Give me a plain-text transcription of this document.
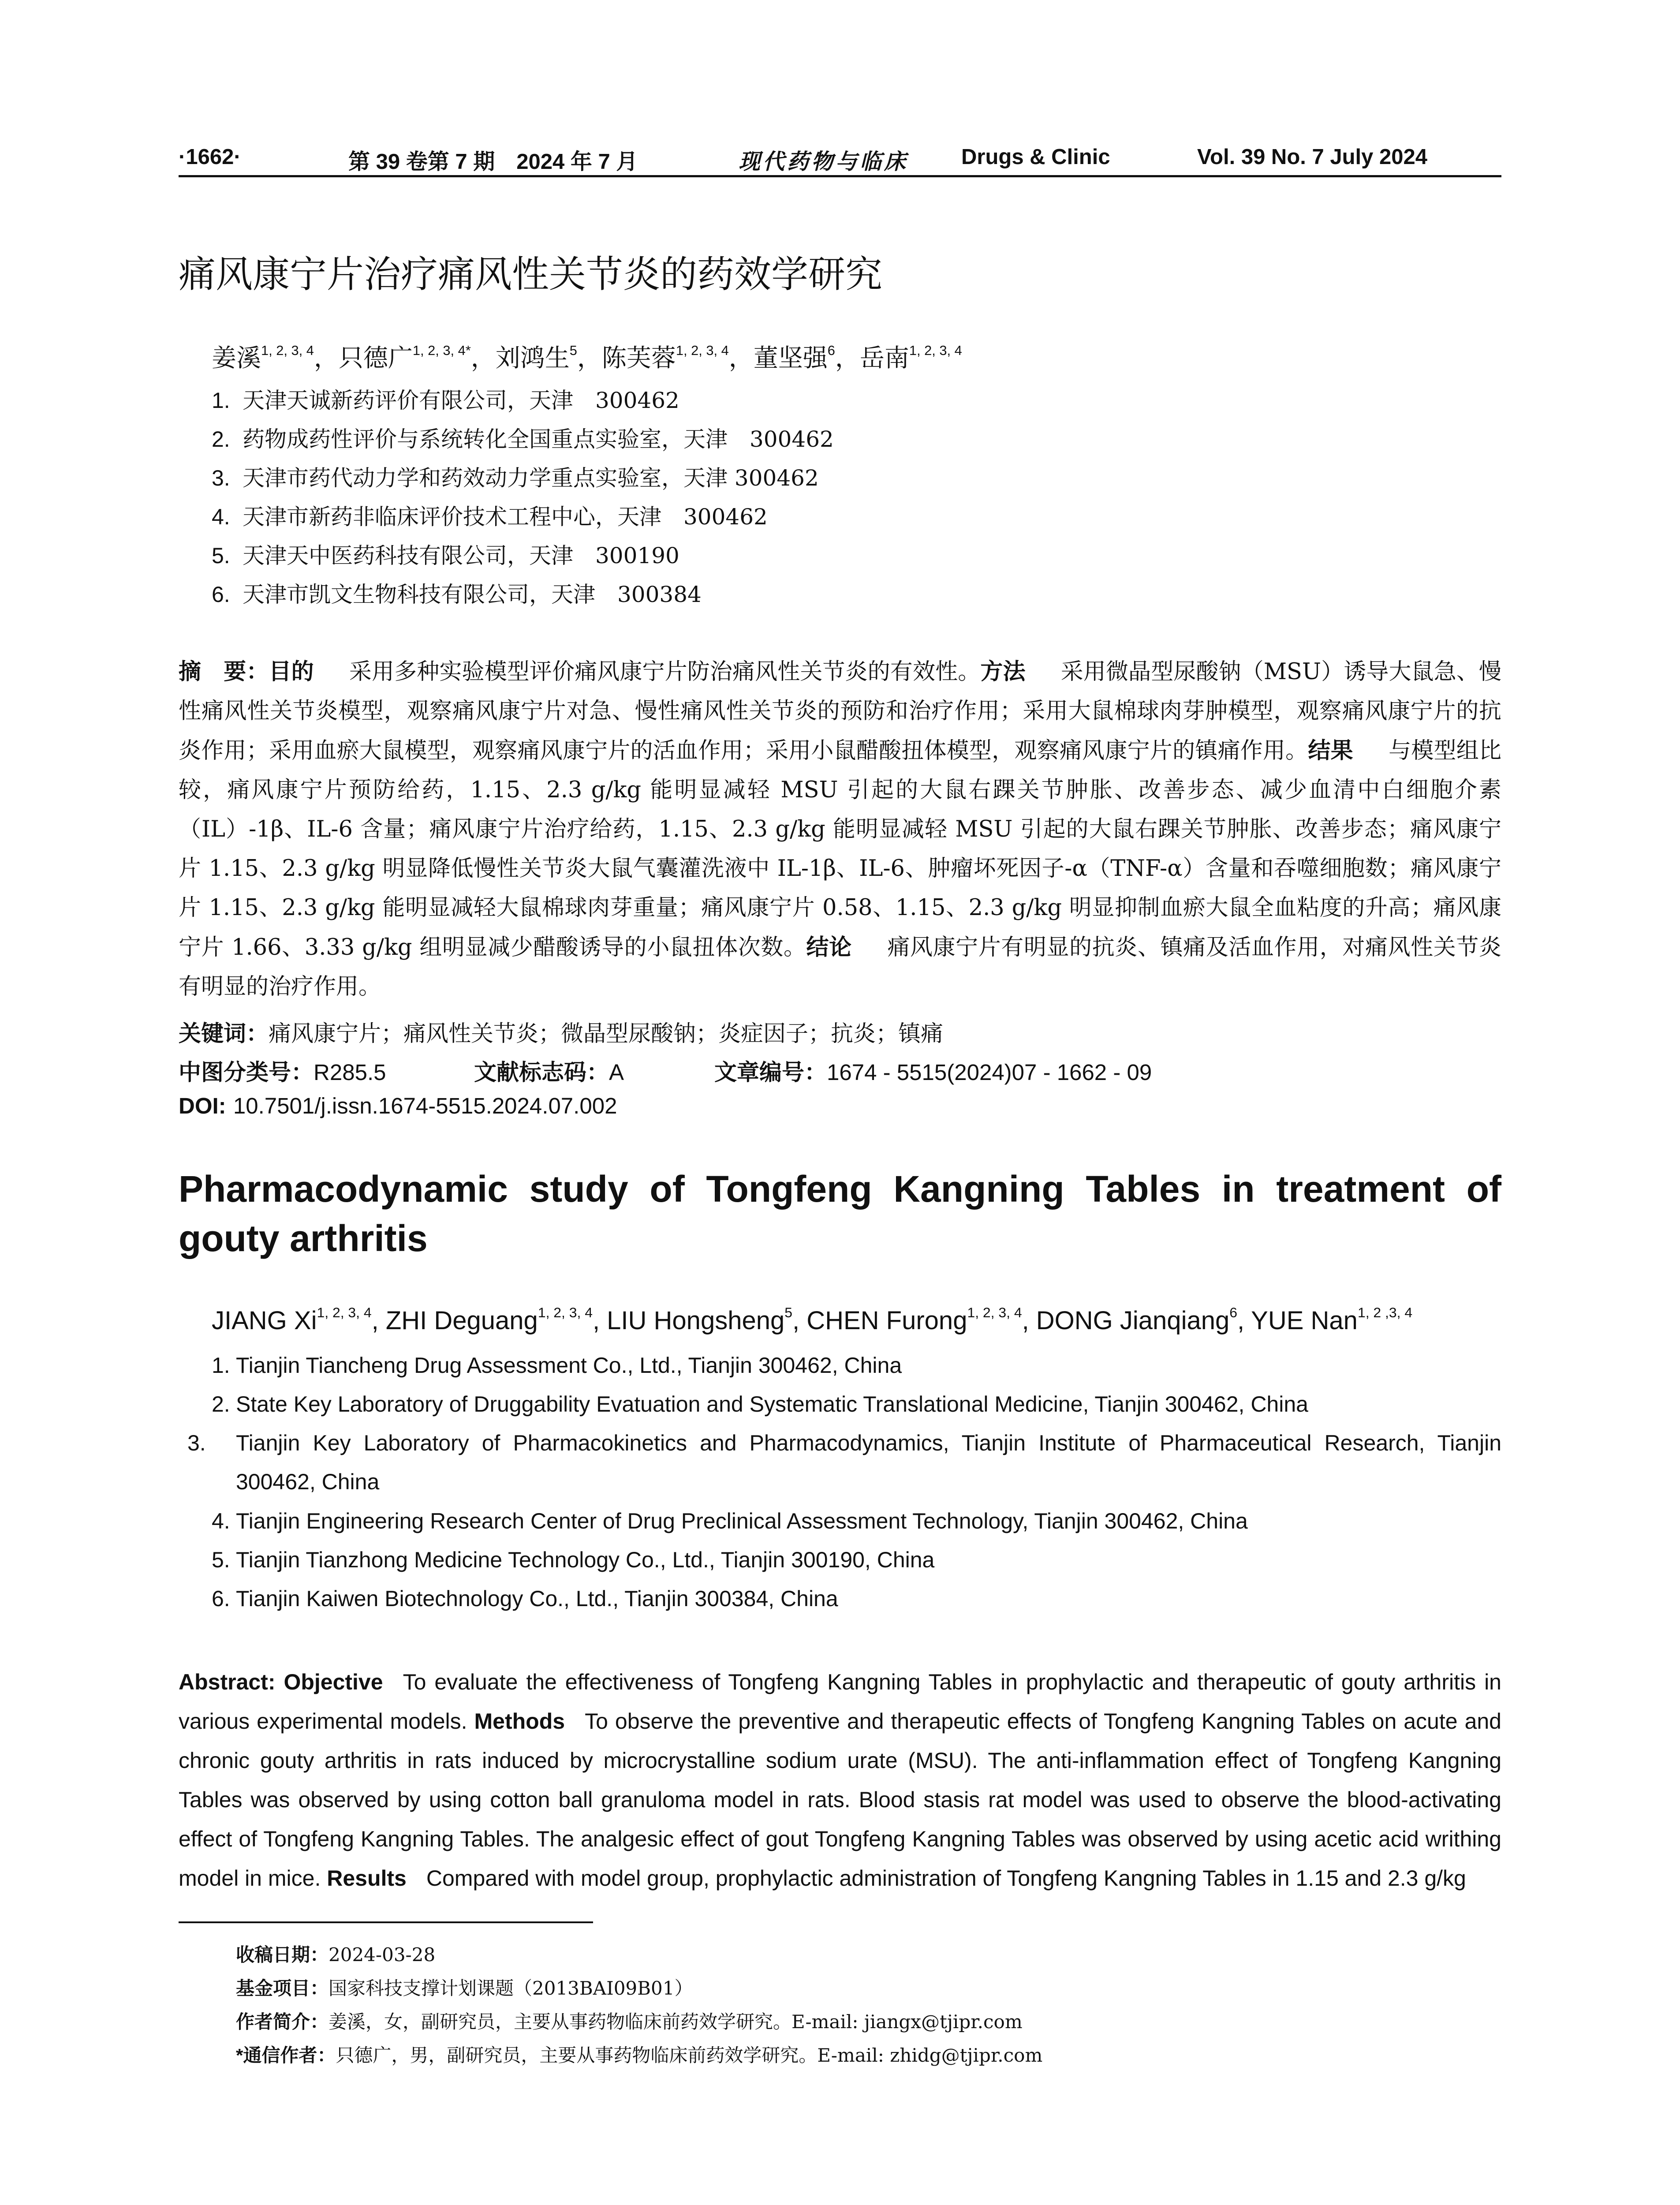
·1662·	第 39 卷第 7 期　2024 年 7 月	现代药物与临床 Drugs & Clinic	Vol. 39 No. 7 July 2024
痛风康宁片治疗痛风性关节炎的药效学研究
姜溪$^{1, 2, 3, 4}$，只德广$^{1, 2, 3, 4*}$，刘鸿生$^5$，陈芙蓉$^{1, 2, 3, 4}$，董坚强$^6$，岳南$^{1, 2, 3, 4}$
1. 天津天诚新药评价有限公司，天津　300462
2. 药物成药性评价与系统转化全国重点实验室，天津　300462
3. 天津市药代动力学和药效动力学重点实验室，天津 300462
4. 天津市新药非临床评价技术工程中心，天津　300462
5. 天津天中医药科技有限公司，天津　300190
6. 天津市凯文生物科技有限公司，天津　300384
摘　要：目的 采用多种实验模型评价痛风康宁片防治痛风性关节炎的有效性。方法 采用微晶型尿酸钠（MSU）诱导大鼠急、慢性痛风性关节炎模型，观察痛风康宁片对急、慢性痛风性关节炎的预防和治疗作用；采用大鼠棉球肉芽肿模型，观察痛风康宁片的抗炎作用；采用血瘀大鼠模型，观察痛风康宁片的活血作用；采用小鼠醋酸扭体模型，观察痛风康宁片的镇痛作用。结果 与模型组比较，痛风康宁片预防给药，1.15、2.3 g/kg 能明显减轻 MSU 引起的大鼠右踝关节肿胀、改善步态、减少血清中白细胞介素（IL）-1β、IL-6 含量；痛风康宁片治疗给药，1.15、2.3 g/kg 能明显减轻 MSU 引起的大鼠右踝关节肿胀、改善步态；痛风康宁片 1.15、2.3 g/kg 明显降低慢性关节炎大鼠气囊灌洗液中 IL-1β、IL-6、肿瘤坏死因子-α（TNF-α）含量和吞噬细胞数；痛风康宁片 1.15、2.3 g/kg 能明显减轻大鼠棉球肉芽重量；痛风康宁片 0.58、1.15、2.3 g/kg 明显抑制血瘀大鼠全血粘度的升高；痛风康宁片 1.66、3.33 g/kg 组明显减少醋酸诱导的小鼠扭体次数。结论 痛风康宁片有明显的抗炎、镇痛及活血作用，对痛风性关节炎有明显的治疗作用。
关键词：痛风康宁片；痛风性关节炎；微晶型尿酸钠；炎症因子；抗炎；镇痛
中图分类号：R285.5	文献标志码：A	文章编号：1674 - 5515(2024)07 - 1662 - 09
DOI: 10.7501/j.issn.1674-5515.2024.07.002
Pharmacodynamic study of Tongfeng Kangning Tables in treatment of gouty arthritis
JIANG Xi$^{1, 2, 3, 4}$, ZHI Deguang$^{1, 2, 3, 4}$, LIU Hongsheng$^5$, CHEN Furong$^{1, 2, 3, 4}$, DONG Jianqiang$^6$, YUE Nan$^{1, 2 ,3, 4}$
1. Tianjin Tiancheng Drug Assessment Co., Ltd., Tianjin 300462, China
2. State Key Laboratory of Druggability Evatuation and Systematic Translational Medicine, Tianjin 300462, China
3. Tianjin Key Laboratory of Pharmacokinetics and Pharmacodynamics, Tianjin Institute of Pharmaceutical Research, Tianjin 300462, China
4. Tianjin Engineering Research Center of Drug Preclinical Assessment Technology, Tianjin 300462, China
5. Tianjin Tianzhong Medicine Technology Co., Ltd., Tianjin 300190, China
6. Tianjin Kaiwen Biotechnology Co., Ltd., Tianjin 300384, China
Abstract: Objective To evaluate the effectiveness of Tongfeng Kangning Tables in prophylactic and therapeutic of gouty arthritis in various experimental models. Methods To observe the preventive and therapeutic effects of Tongfeng Kangning Tables on acute and chronic gouty arthritis in rats induced by microcrystalline sodium urate (MSU). The anti-inflammation effect of Tongfeng Kangning Tables was observed by using cotton ball granuloma model in rats. Blood stasis rat model was used to observe the blood-activating effect of Tongfeng Kangning Tables. The analgesic effect of gout Tongfeng Kangning Tables was observed by using acetic acid writhing model in mice. Results Compared with model group, prophylactic administration of Tongfeng Kangning Tables in 1.15 and 2.3 g/kg
收稿日期：2024-03-28
基金项目：国家科技支撑计划课题（2013BAI09B01）
作者简介：姜溪，女，副研究员，主要从事药物临床前药效学研究。E-mail: jiangx@tjipr.com
*通信作者：只德广，男，副研究员，主要从事药物临床前药效学研究。E-mail: zhidg@tjipr.com
